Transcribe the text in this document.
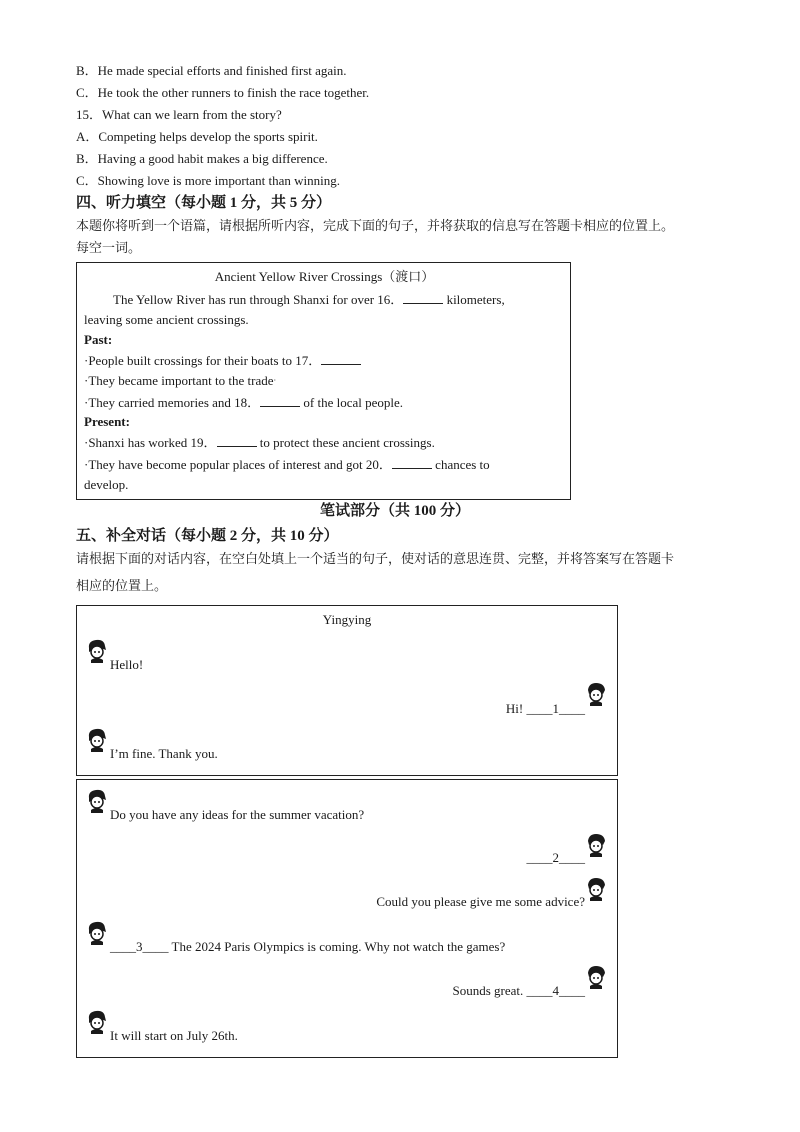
B．He made special efforts and finished first again.
C．He took the other runners to finish the race together.
15．What can we learn from the story?
A．Competing helps develop the sports spirit.
B．Having a good habit makes a big difference.
C．Showing love is more important than winning.
四、听力填空（每小题 1 分，共 5 分）
本题你将听到一个语篇，请根据所听内容，完成下面的句子，并将获取的信息写在答题卡相应的位置上。
每空一词。
Ancient Yellow River Crossings（渡口）
The Yellow River has run through Shanxi for over 16．	kilometers,
leaving some ancient crossings.
Past:
·People built crossings for their boats to 17．
·They became important to the trade·
·They carried memories and 18．	of the local people.
Present:
·Shanxi has worked 19．	to protect these ancient crossings.
·They have become popular places of interest and got 20．	chances to
develop.
笔试部分（共 100 分）
五、补全对话（每小题 2 分，共 10 分）
请根据下面的对话内容，在空白处填上一个适当的句子，使对话的意思连贯、完整，并将答案写在答题卡
相应的位置上。
Yingying
Hello!
Hi! ____1____
I’m fine. Thank you.
Do you have any ideas for the summer vacation?
____2____
Could you please give me some advice?
____3____ The 2024 Paris Olympics is coming. Why not watch the games?
Sounds great. ____4____
It will start on July 26th.
